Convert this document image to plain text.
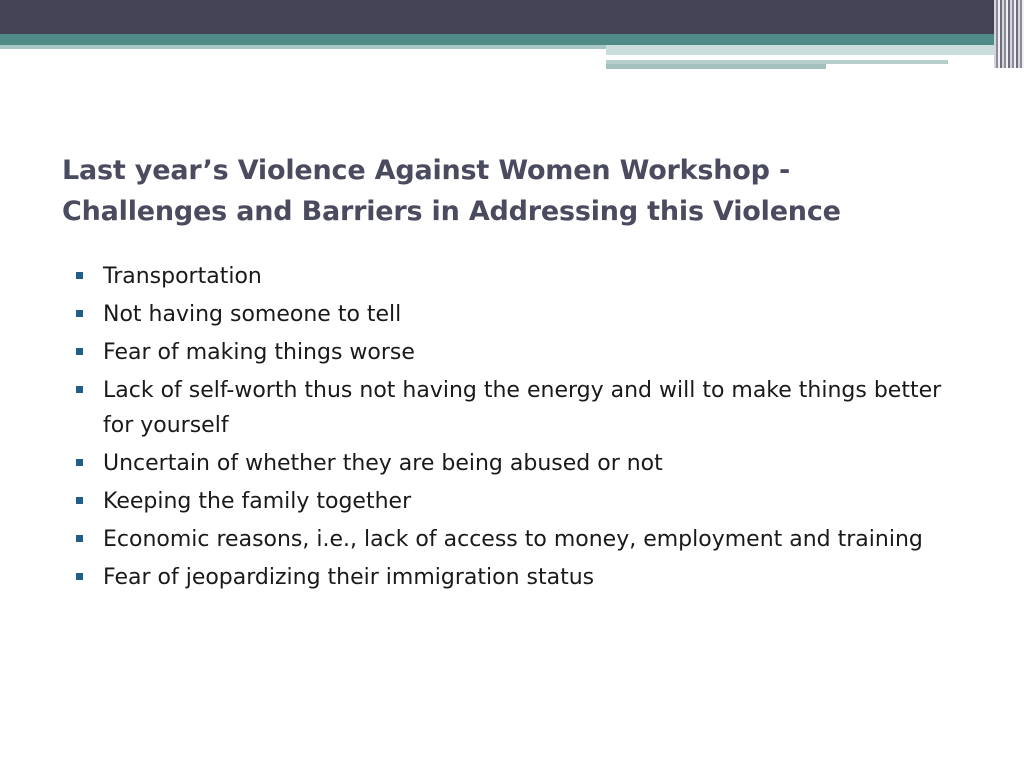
Last year’s Violence Against Women Workshop -
Challenges and Barriers in Addressing this Violence
Transportation
Not having someone to tell
Fear of making things worse
Lack of self-worth thus not having the energy and will to make things better for yourself
Uncertain of whether they are being abused or not
Keeping the family together
Economic reasons, i.e., lack of access to money, employment and training
Fear of jeopardizing their immigration status
